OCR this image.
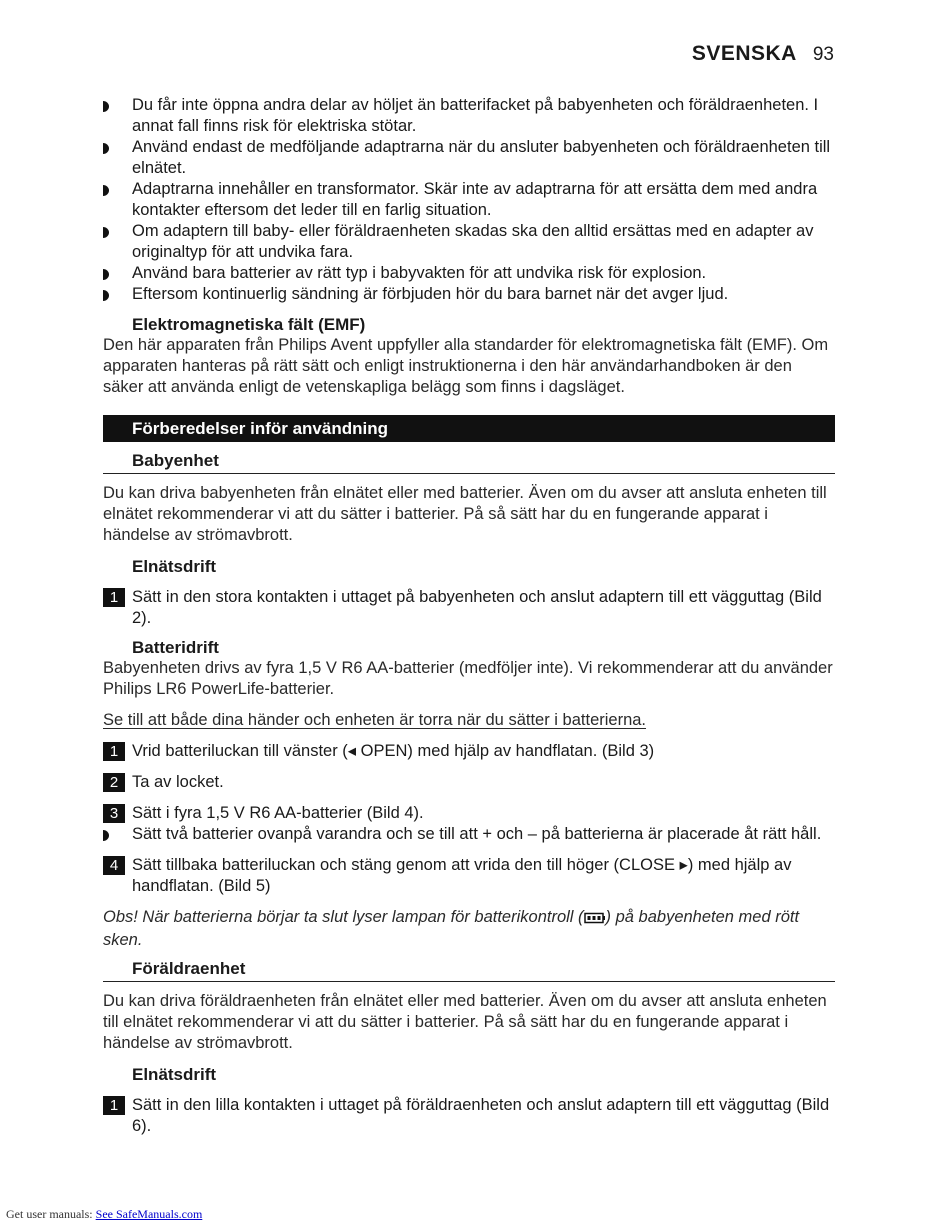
SVENSKA 93

Du får inte öppna andra delar av höljet än batterifacket på babyenheten och föräldraenheten. I annat fall finns risk för elektriska stötar.

Använd endast de medföljande adaptrarna när du ansluter babyenheten och föräldraenheten till elnätet.

Adaptrarna innehåller en transformator. Skär inte av adaptrarna för att ersätta dem med andra kontakter eftersom det leder till en farlig situation.

Om adaptern till baby- eller föräldraenheten skadas ska den alltid ersättas med en adapter av originaltyp för att undvika fara.

Använd bara batterier av rätt typ i babyvakten för att undvika risk för explosion.

Eftersom kontinuerlig sändning är förbjuden hör du bara barnet när det avger ljud.

Elektromagnetiska fält (EMF)

Den här apparaten från Philips Avent uppfyller alla standarder för elektromagnetiska fält (EMF). Om apparaten hanteras på rätt sätt och enligt instruktionerna i den här användarhandboken är den säker att använda enligt de vetenskapliga belägg som finns i dagsläget.

Förberedelser inför användning
Babyenhet

Du kan driva babyenheten från elnätet eller med batterier. Även om du avser att ansluta enheten till elnätet rekommenderar vi att du sätter i batterier. På så sätt har du en fungerande apparat i händelse av strömavbrott.

Elnätsdrift

1 Sätt in den stora kontakten i uttaget på babyenheten och anslut adaptern till ett vägguttag (Bild 2).

Batteridrift

Babyenheten drivs av fyra 1,5 V R6 AA-batterier (medföljer inte). Vi rekommenderar att du använder Philips LR6 PowerLife-batterier.

Se till att både dina händer och enheten är torra när du sätter i batterierna.

1 Vrid batteriluckan till vänster (◂ OPEN) med hjälp av handflatan. (Bild 3)

2 Ta av locket.

3 Sätt i fyra 1,5 V R6 AA-batterier (Bild 4).

Sätt två batterier ovanpå varandra och se till att + och – på batterierna är placerade åt rätt håll.

4 Sätt tillbaka batteriluckan och stäng genom att vrida den till höger (CLOSE ▸) med hjälp av handflatan. (Bild 5)

Obs! När batterierna börjar ta slut lyser lampan för batterikontroll ( ) på babyenheten med rött sken.

Föräldraenhet

Du kan driva föräldraenheten från elnätet eller med batterier. Även om du avser att ansluta enheten till elnätet rekommenderar vi att du sätter i batterier. På så sätt har du en fungerande apparat i händelse av strömavbrott.

Elnätsdrift

1 Sätt in den lilla kontakten i uttaget på föräldraenheten och anslut adaptern till ett vägguttag (Bild 6).

Get user manuals: See SafeManuals.com
